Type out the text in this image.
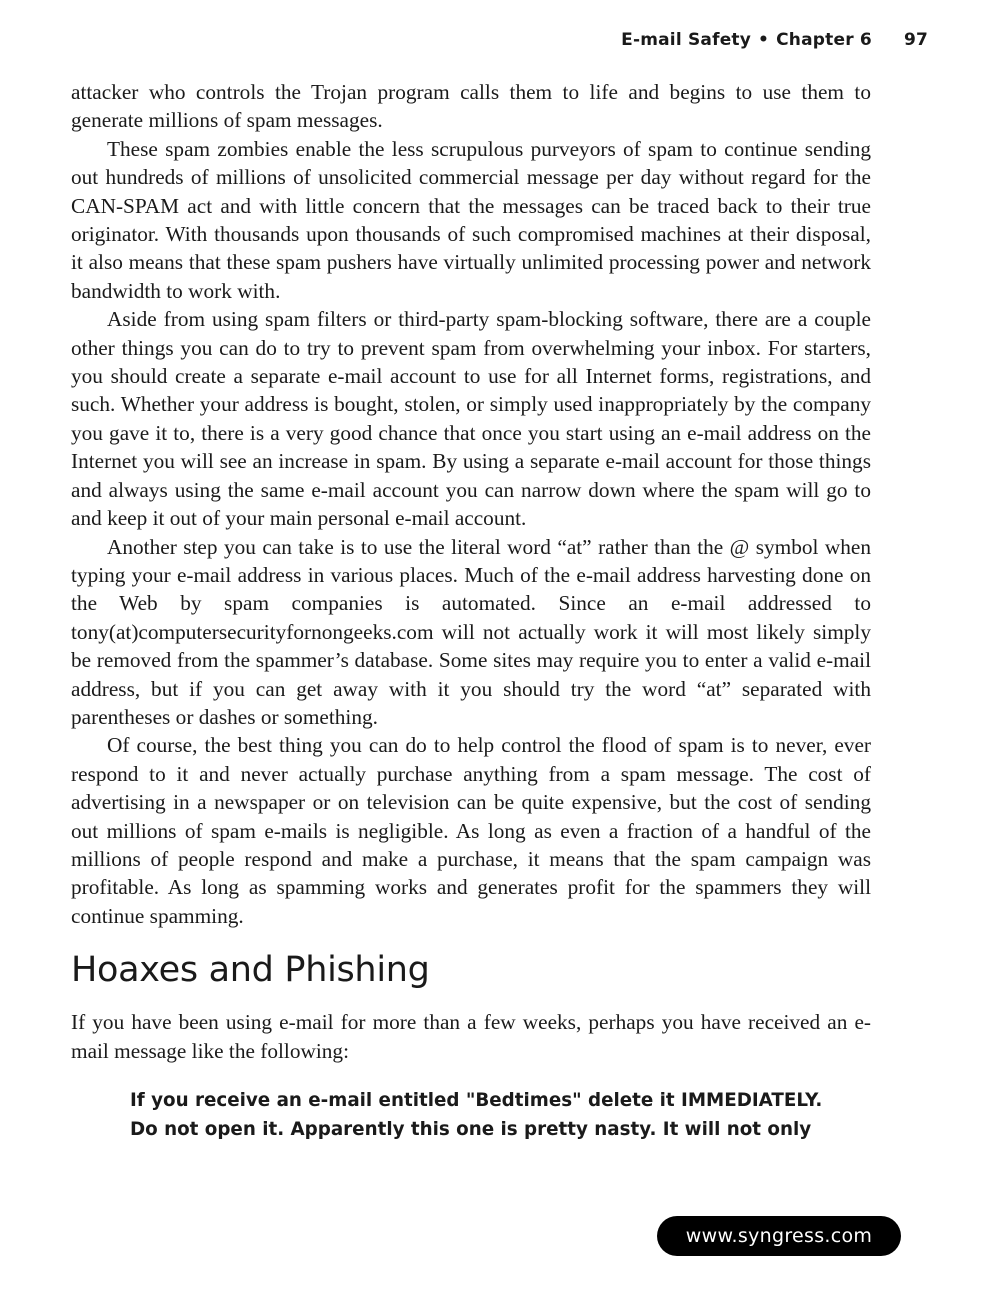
E-mail Safety • Chapter 6 97

attacker who controls the Trojan program calls them to life and begins to use them to generate millions of spam messages.

These spam zombies enable the less scrupulous purveyors of spam to continue sending out hundreds of millions of unsolicited commercial message per day without regard for the CAN-SPAM act and with little concern that the messages can be traced back to their true originator. With thousands upon thousands of such compromised machines at their disposal, it also means that these spam pushers have virtually unlimited processing power and network bandwidth to work with.

Aside from using spam filters or third-party spam-blocking software, there are a couple other things you can do to try to prevent spam from overwhelming your inbox. For starters, you should create a separate e-mail account to use for all Internet forms, registrations, and such. Whether your address is bought, stolen, or simply used inappropriately by the company you gave it to, there is a very good chance that once you start using an e-mail address on the Internet you will see an increase in spam. By using a separate e-mail account for those things and always using the same e-mail account you can narrow down where the spam will go to and keep it out of your main personal e-mail account.

Another step you can take is to use the literal word “at” rather than the @ symbol when typing your e-mail address in various places. Much of the e-mail address harvesting done on the Web by spam companies is automated. Since an e-mail addressed to tony(at)computersecurityfornongeeks.com will not actually work it will most likely simply be removed from the spammer’s database. Some sites may require you to enter a valid e-mail address, but if you can get away with it you should try the word “at” separated with parentheses or dashes or something.

Of course, the best thing you can do to help control the flood of spam is to never, ever respond to it and never actually purchase anything from a spam message. The cost of advertising in a newspaper or on television can be quite expensive, but the cost of sending out millions of spam e-mails is negligible. As long as even a fraction of a handful of the millions of people respond and make a purchase, it means that the spam campaign was profitable. As long as spamming works and generates profit for the spammers they will continue spamming.

Hoaxes and Phishing

If you have been using e-mail for more than a few weeks, perhaps you have received an e-mail message like the following:

If you receive an e-mail entitled "Bedtimes" delete it IMMEDIATELY.
Do not open it. Apparently this one is pretty nasty. It will not only
www.syngress.com
